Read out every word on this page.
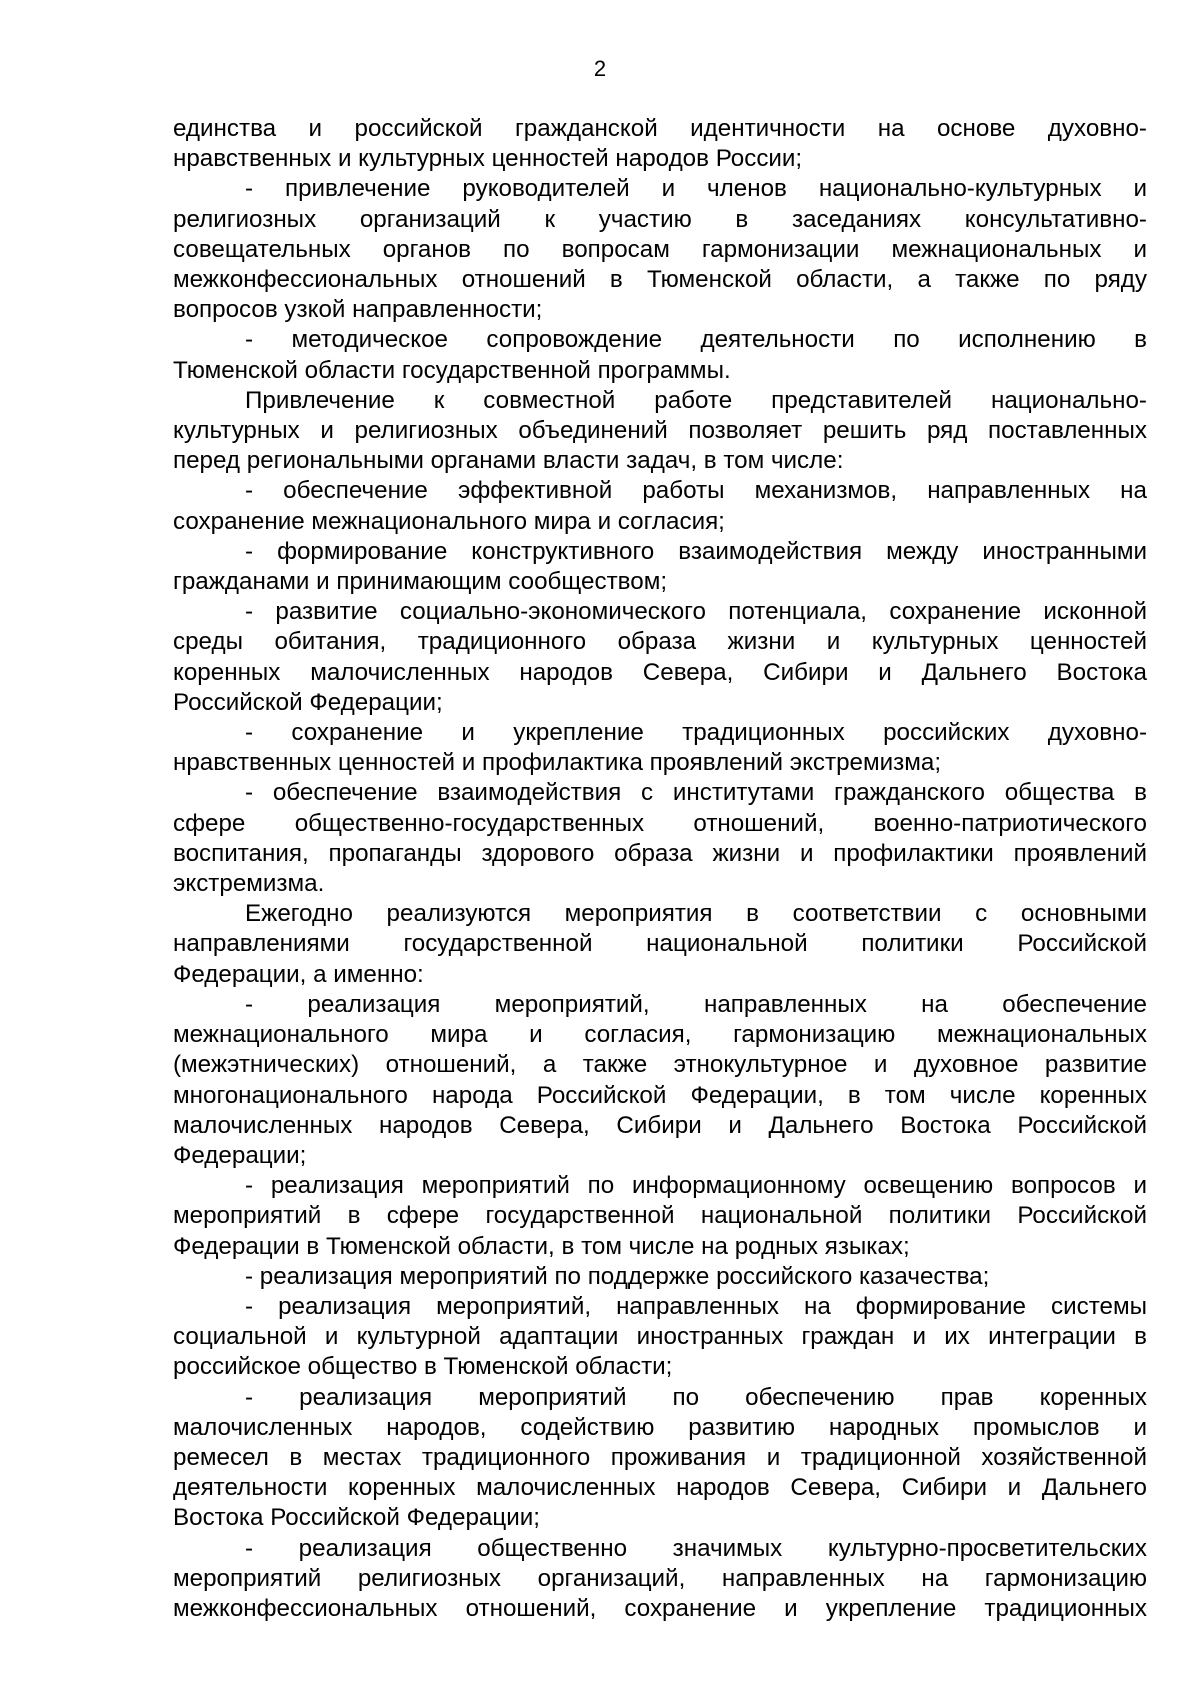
2
единства и российской гражданской идентичности на основе духовно-
нравственных и культурных ценностей народов России;
- привлечение руководителей и членов национально-культурных и
религиозных организаций к участию в заседаниях консультативно-
совещательных органов по вопросам гармонизации межнациональных и
межконфессиональных отношений в Тюменской области, а также по ряду
вопросов узкой направленности;
- методическое сопровождение деятельности по исполнению в
Тюменской области государственной программы.
Привлечение к совместной работе представителей национально-
культурных и религиозных объединений позволяет решить ряд поставленных
перед региональными органами власти задач, в том числе:
- обеспечение эффективной работы механизмов, направленных на
сохранение межнационального мира и согласия;
- формирование конструктивного взаимодействия между иностранными
гражданами и принимающим сообществом;
- развитие социально-экономического потенциала, сохранение исконной
среды обитания, традиционного образа жизни и культурных ценностей
коренных малочисленных народов Севера, Сибири и Дальнего Востока
Российской Федерации;
- сохранение и укрепление традиционных российских духовно-
нравственных ценностей и профилактика проявлений экстремизма;
- обеспечение взаимодействия с институтами гражданского общества в
сфере общественно-государственных отношений, военно-патриотического
воспитания, пропаганды здорового образа жизни и профилактики проявлений
экстремизма.
Ежегодно реализуются мероприятия в соответствии с основными
направлениями государственной национальной политики Российской
Федерации, а именно:
- реализация мероприятий, направленных на обеспечение
межнационального мира и согласия, гармонизацию межнациональных
(межэтнических) отношений, а также этнокультурное и духовное развитие
многонационального народа Российской Федерации, в том числе коренных
малочисленных народов Севера, Сибири и Дальнего Востока Российской
Федерации;
- реализация мероприятий по информационному освещению вопросов и
мероприятий в сфере государственной национальной политики Российской
Федерации в Тюменской области, в том числе на родных языках;
- реализация мероприятий по поддержке российского казачества;
- реализация мероприятий, направленных на формирование системы
социальной и культурной адаптации иностранных граждан и их интеграции в
российское общество в Тюменской области;
- реализация мероприятий по обеспечению прав коренных
малочисленных народов, содействию развитию народных промыслов и
ремесел в местах традиционного проживания и традиционной хозяйственной
деятельности коренных малочисленных народов Севера, Сибири и Дальнего
Востока Российской Федерации;
- реализация общественно значимых культурно-просветительских
мероприятий религиозных организаций, направленных на гармонизацию
межконфессиональных отношений, сохранение и укрепление традиционных
